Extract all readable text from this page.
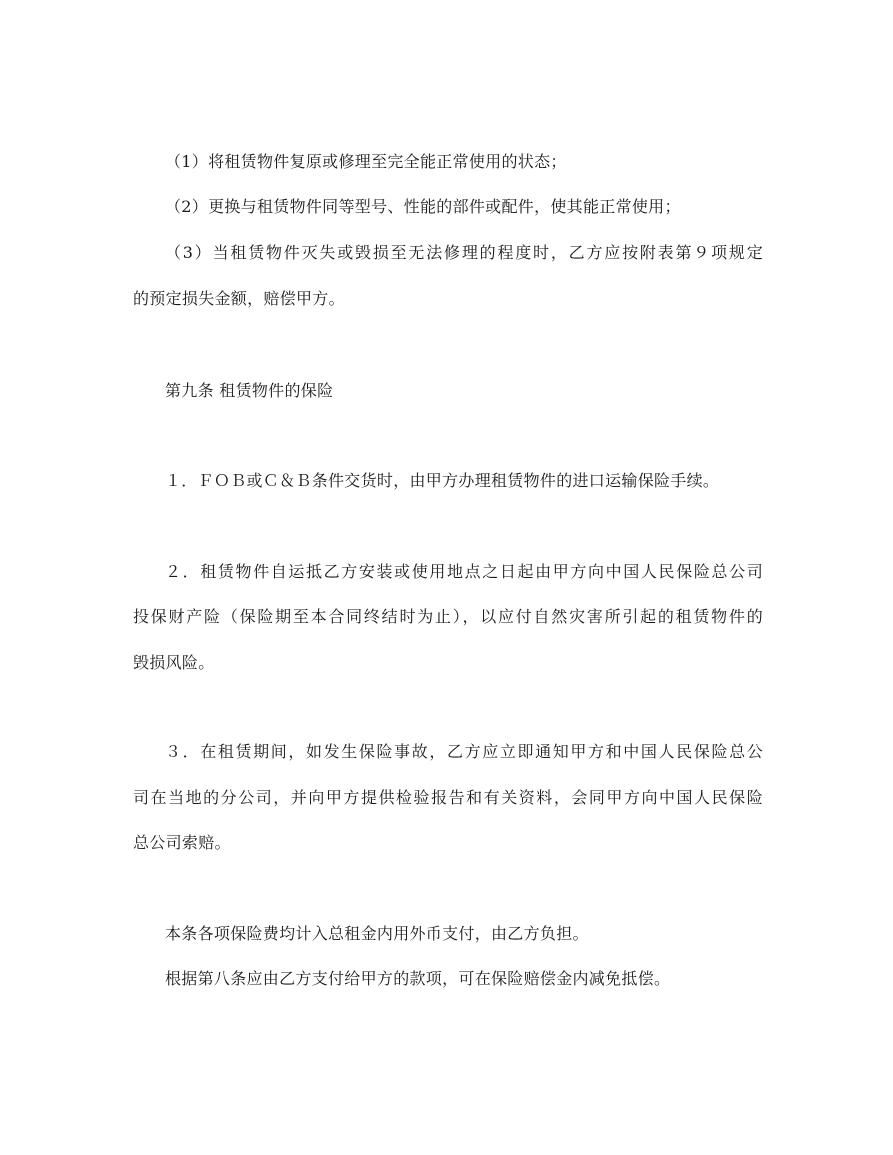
（1）将租赁物件复原或修理至完全能正常使用的状态；
（2）更换与租赁物件同等型号、性能的部件或配件，使其能正常使用；
（3）当租赁物件灭失或毁损至无法修理的程度时，乙方应按附表第９项规定
的预定损失金额，赔偿甲方。
第九条 租赁物件的保险
１．ＦＯＢ或Ｃ＆Ｂ条件交货时，由甲方办理租赁物件的进口运输保险手续。
２．租赁物件自运抵乙方安装或使用地点之日起由甲方向中国人民保险总公司
投保财产险（保险期至本合同终结时为止），以应付自然灾害所引起的租赁物件的
毁损风险。
３．在租赁期间，如发生保险事故，乙方应立即通知甲方和中国人民保险总公
司在当地的分公司，并向甲方提供检验报告和有关资料，会同甲方向中国人民保险
总公司索赔。
本条各项保险费均计入总租金内用外币支付，由乙方负担。
根据第八条应由乙方支付给甲方的款项，可在保险赔偿金内减免抵偿。
